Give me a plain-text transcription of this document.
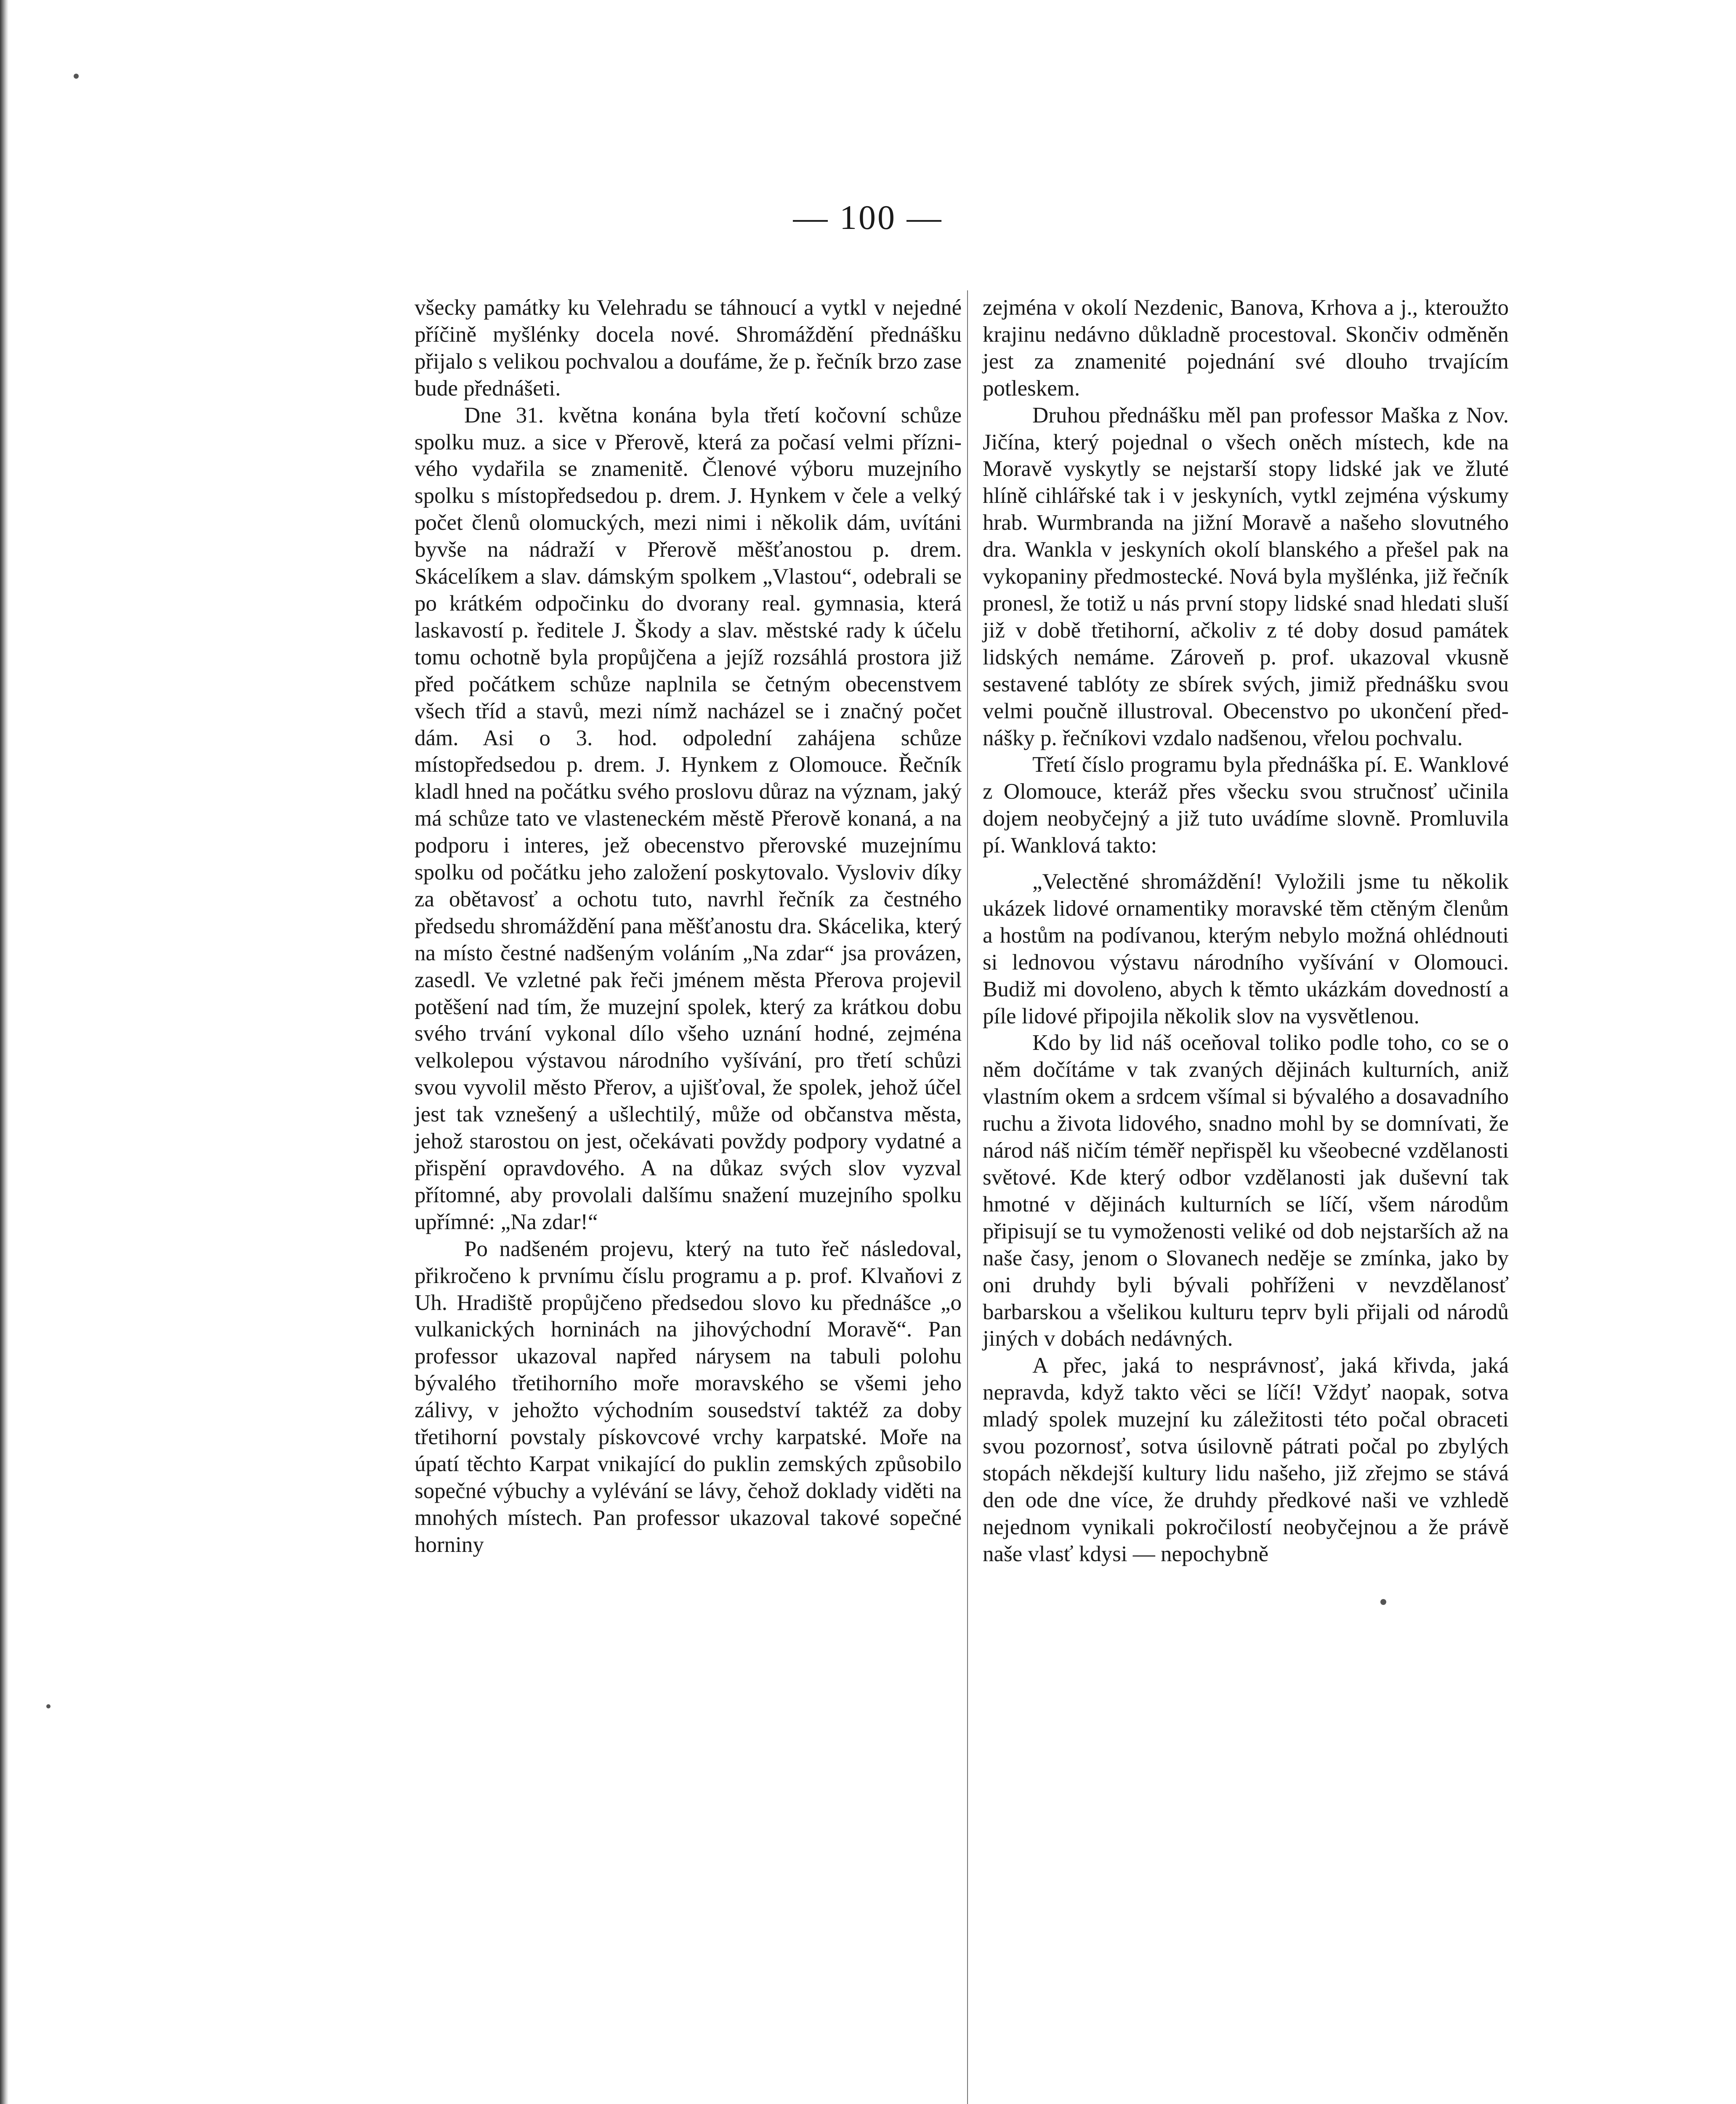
— 100 —

všecky památky ku Velehradu se táhnoucí a vytkl v nejedné příčině myšlénky docela nové. Shromáždění přednášku přijalo s velikou pochvalou a doufáme, že p. řečník brzo zase bude přednášeti.

Dne 31. května konána byla třetí kočovní schůze spolku muz. a sice v Přerově, která za počasí velmi příznivého vydařila se znamenitě. Členové výboru muzejního spolku s místopředsedou p. drem. J. Hynkem v čele a velký počet členů olomuckých, mezi nimi i několik dám, uvítáni byvše na nádraží v Přerově měšťanostou p. drem. Skácelíkem a slav. dámským spolkem „Vlastou“, odebrali se po krátkém odpočinku do dvorany real. gymnasia, která laskavostí p. ředitele J. Škody a slav. městské rady k účelu tomu ochotně byla propůjčena a jejíž rozsáhlá prostora již před počátkem schůze naplnila se četným obecenstvem všech tříd a stavů, mezi nímž nacházel se i značný počet dám. Asi o 3. hod. odpolední zahájena schůze místopředsedou p. drem. J. Hynkem z Olomouce. Řečník kladl hned na počátku svého proslovu důraz na význam, jaký má schůze tato ve vlasteneckém městě Přerově konaná, a na podporu i interes, jež obecenstvo přerovské muzejnímu spolku od počátku jeho založení poskytovalo. Vysloviv díky za obětavosť a ochotu tuto, navrhl řečník za čestného předsedu shromáždění pana měšťanostu dra. Skácelika, který na místo čestné nadšeným voláním „Na zdar“ jsa provázen, zasedl. Ve vzletné pak řeči jménem města Přerova projevil potěšení nad tím, že muzejní spolek, který za krátkou dobu svého trvání vykonal dílo všeho uznání hodné, zejména velkolepou výstavou národního vyšívání, pro třetí schůzi svou vyvolil město Přerov, a ujišťoval, že spolek, jehož účel jest tak vznešený a ušlechtilý, může od občanstva města, jehož starostou on jest, očekávati povždy podpory vydatné a přispění opravdového. A na důkaz svých slov vyzval přítomné, aby provolali dalšímu snažení muzejního spolku upřímné: „Na zdar!“

Po nadšeném projevu, který na tuto řeč následoval, přikročeno k prvnímu číslu programu a p. prof. Klvaňovi z Uh. Hradiště propůjčeno předsedou slovo ku přednášce „o vulkanických horninách na jihovýchodní Moravě“. Pan professor ukazoval napřed nárysem na tabuli polohu bývalého třetihorního moře moravského se všemi jeho zálivy, v jehožto východním sousedství taktéž za doby třetihorní povstaly pískovcové vrchy karpatské. Moře na úpatí těchto Karpat vnikající do puklin zemských způsobilo sopečné výbuchy a vylévání se lávy, čehož doklady viděti na mnohých místech. Pan professor ukazoval takové sopečné horniny

zejména v okolí Nezdenic, Banova, Krhova a j., kteroužto krajinu nedávno důkladně procestoval. Skončiv odměněn jest za znamenité pojednání své dlouho trvajícím potleskem.

Druhou přednášku měl pan professor Maška z Nov. Jičína, který pojednal o všech oněch místech, kde na Moravě vyskytly se nejstarší stopy lidské jak ve žluté hlíně cihlářské tak i v jeskyních, vytkl zejména výskumy hrab. Wurmbranda na jižní Moravě a našeho slovutného dra. Wankla v jeskyních okolí blanského a přešel pak na vykopaniny předmostecké. Nová byla myšlénka, již řečník pronesl, že totiž u nás první stopy lidské snad hledati sluší již v době třetihorní, ačkoliv z té doby dosud památek lidských nemáme. Zároveň p. prof. ukazoval vkusně sestavené tablóty ze sbírek svých, jimiž přednášku svou velmi poučně illustroval. Obecenstvo po ukončení přednášky p. řečníkovi vzdalo nadšenou, vřelou pochvalu.

Třetí číslo programu byla přednáška pí. E. Wanklové z Olomouce, kteráž přes všecku svou stručnosť učinila dojem neobyčejný a již tuto uvádíme slovně. Promluvila pí. Wanklová takto:

„Velectěné shromáždění! Vyložili jsme tu několik ukázek lidové ornamentiky moravské těm ctěným členům a hostům na podívanou, kterým nebylo možná ohlédnouti si lednovou výstavu národního vyšívání v Olomouci. Budiž mi dovoleno, abych k těmto ukázkám dovedností a píle lidové připojila několik slov na vysvětlenou.

Kdo by lid náš oceňoval toliko podle toho, co se o něm dočítáme v tak zvaných dějinách kulturních, aniž vlastním okem a srdcem všímal si bývalého a dosavadního ruchu a života lidového, snadno mohl by se domnívati, že národ náš ničím téměř nepřispěl ku všeobecné vzdělanosti světové. Kde který odbor vzdělanosti jak duševní tak hmotné v dějinách kulturních se líčí, všem národům připisují se tu vymoženosti veliké od dob nejstarších až na naše časy, jenom o Slovanech neděje se zmínka, jako by oni druhdy byli bývali pohříženi v nevzdělanosť barbarskou a všelikou kulturu teprv byli přijali od národů jiných v dobách nedávných.

A přec, jaká to nesprávnosť, jaká křivda, jaká nepravda, když takto věci se líčí! Vždyť naopak, sotva mladý spolek muzejní ku záležitosti této počal obraceti svou pozornosť, sotva úsilovně pátrati počal po zbylých stopách někdejší kultury lidu našeho, již zřejmo se stává den ode dne více, že druhdy předkové naši ve vzhledě nejednom vynikali pokročilostí neobyčejnou a že právě naše vlasť kdysi — nepochybně
